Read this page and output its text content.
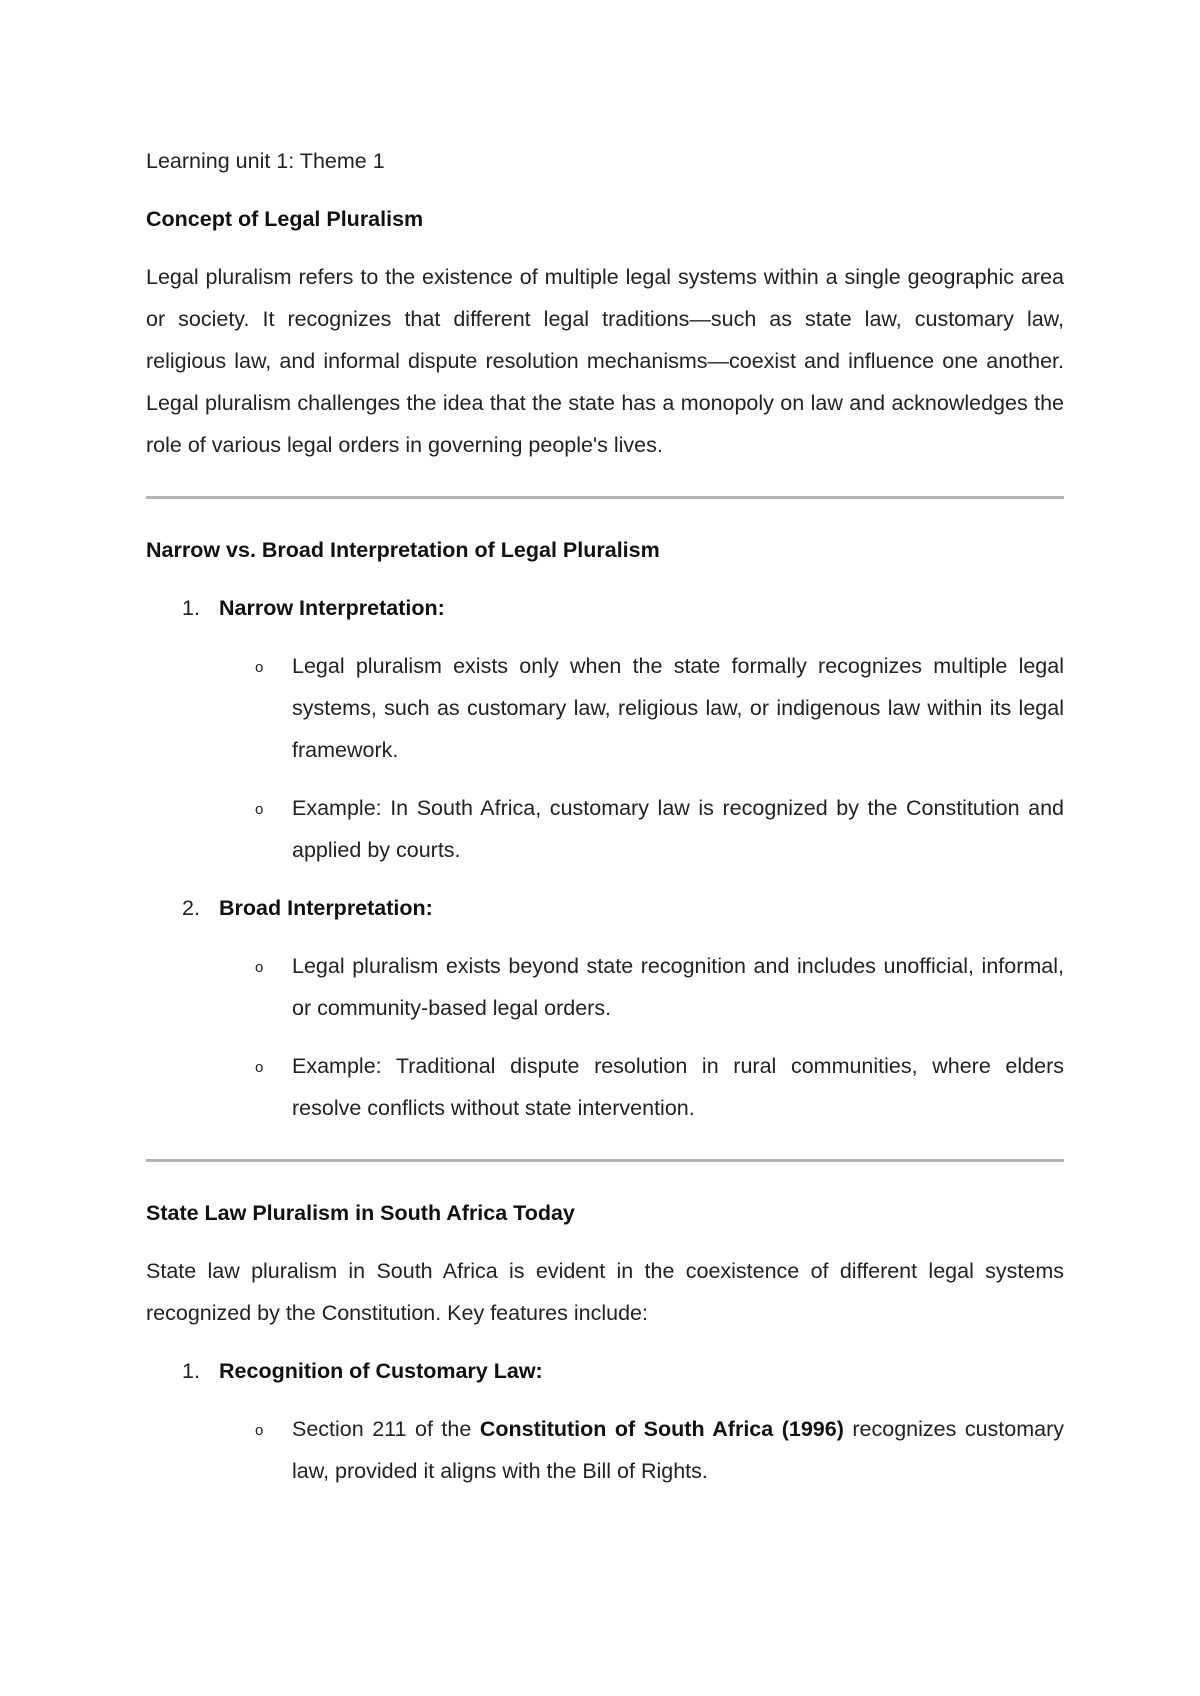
Learning unit 1: Theme 1

Concept of Legal Pluralism

Legal pluralism refers to the existence of multiple legal systems within a single geographic area or society. It recognizes that different legal traditions—such as state law, customary law, religious law, and informal dispute resolution mechanisms—coexist and influence one another. Legal pluralism challenges the idea that the state has a monopoly on law and acknowledges the role of various legal orders in governing people's lives.

Narrow vs. Broad Interpretation of Legal Pluralism
1. Narrow Interpretation:
o Legal pluralism exists only when the state formally recognizes multiple legal systems, such as customary law, religious law, or indigenous law within its legal framework.

o Example: In South Africa, customary law is recognized by the Constitution and applied by courts.

2. Broad Interpretation:
o Legal pluralism exists beyond state recognition and includes unofficial, informal, or community-based legal orders.

o Example: Traditional dispute resolution in rural communities, where elders resolve conflicts without state intervention.

State Law Pluralism in South Africa Today

State law pluralism in South Africa is evident in the coexistence of different legal systems recognized by the Constitution. Key features include:

1. Recognition of Customary Law:
o Section 211 of the Constitution of South Africa (1996) recognizes customary law, provided it aligns with the Bill of Rights.
